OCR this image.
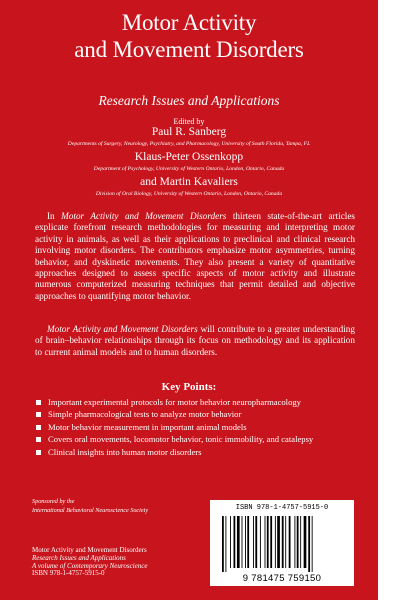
Motor Activity
and Movement Disorders
Research Issues and Applications
Edited by
Paul R. Sanberg
Departments of Surgery, Neurology, Psychiatry, and Pharmacology, University of South Florida, Tampa, FL
Klaus-Peter Ossenkopp
Department of Psychology, University of Western Ontario, London, Ontario, Canada
and Martin Kavaliers
Division of Oral Biology, University of Western Ontario, London, Ontario, Canada

In Motor Activity and Movement Disorders thirteen state-of-the-art articles explicate forefront research methodologies for measuring and interpreting motor activity in animals, as well as their applications to preclinical and clinical research involving motor disorders. The contributors emphasize motor asymmetries, turning behavior, and dyskinetic movements. They also present a variety of quantitative approaches designed to assess specific aspects of motor activity and illustrate numerous computerized measuring techniques that permit detailed and objective approaches to quantifying motor behavior.

Motor Activity and Movement Disorders will contribute to a greater understanding of brain–behavior relationships through its focus on methodology and its application to current animal models and to human disorders.

Key Points:
Important experimental protocols for motor behavior neuropharmacology
Simple pharmacological tests to analyze motor behavior
Motor behavior measurement in important animal models
Covers oral movements, locomotor behavior, tonic immobility, and catalepsy
Clinical insights into human motor disorders
Sponsored by the
International Behavioral Neuroscience Society
Motor Activity and Movement Disorders
Research Issues and Applications
A volume of Contemporary Neuroscience
ISBN 978-1-4757-5915-0
ISBN 978-1-4757-5915-0
9 781475 759150
